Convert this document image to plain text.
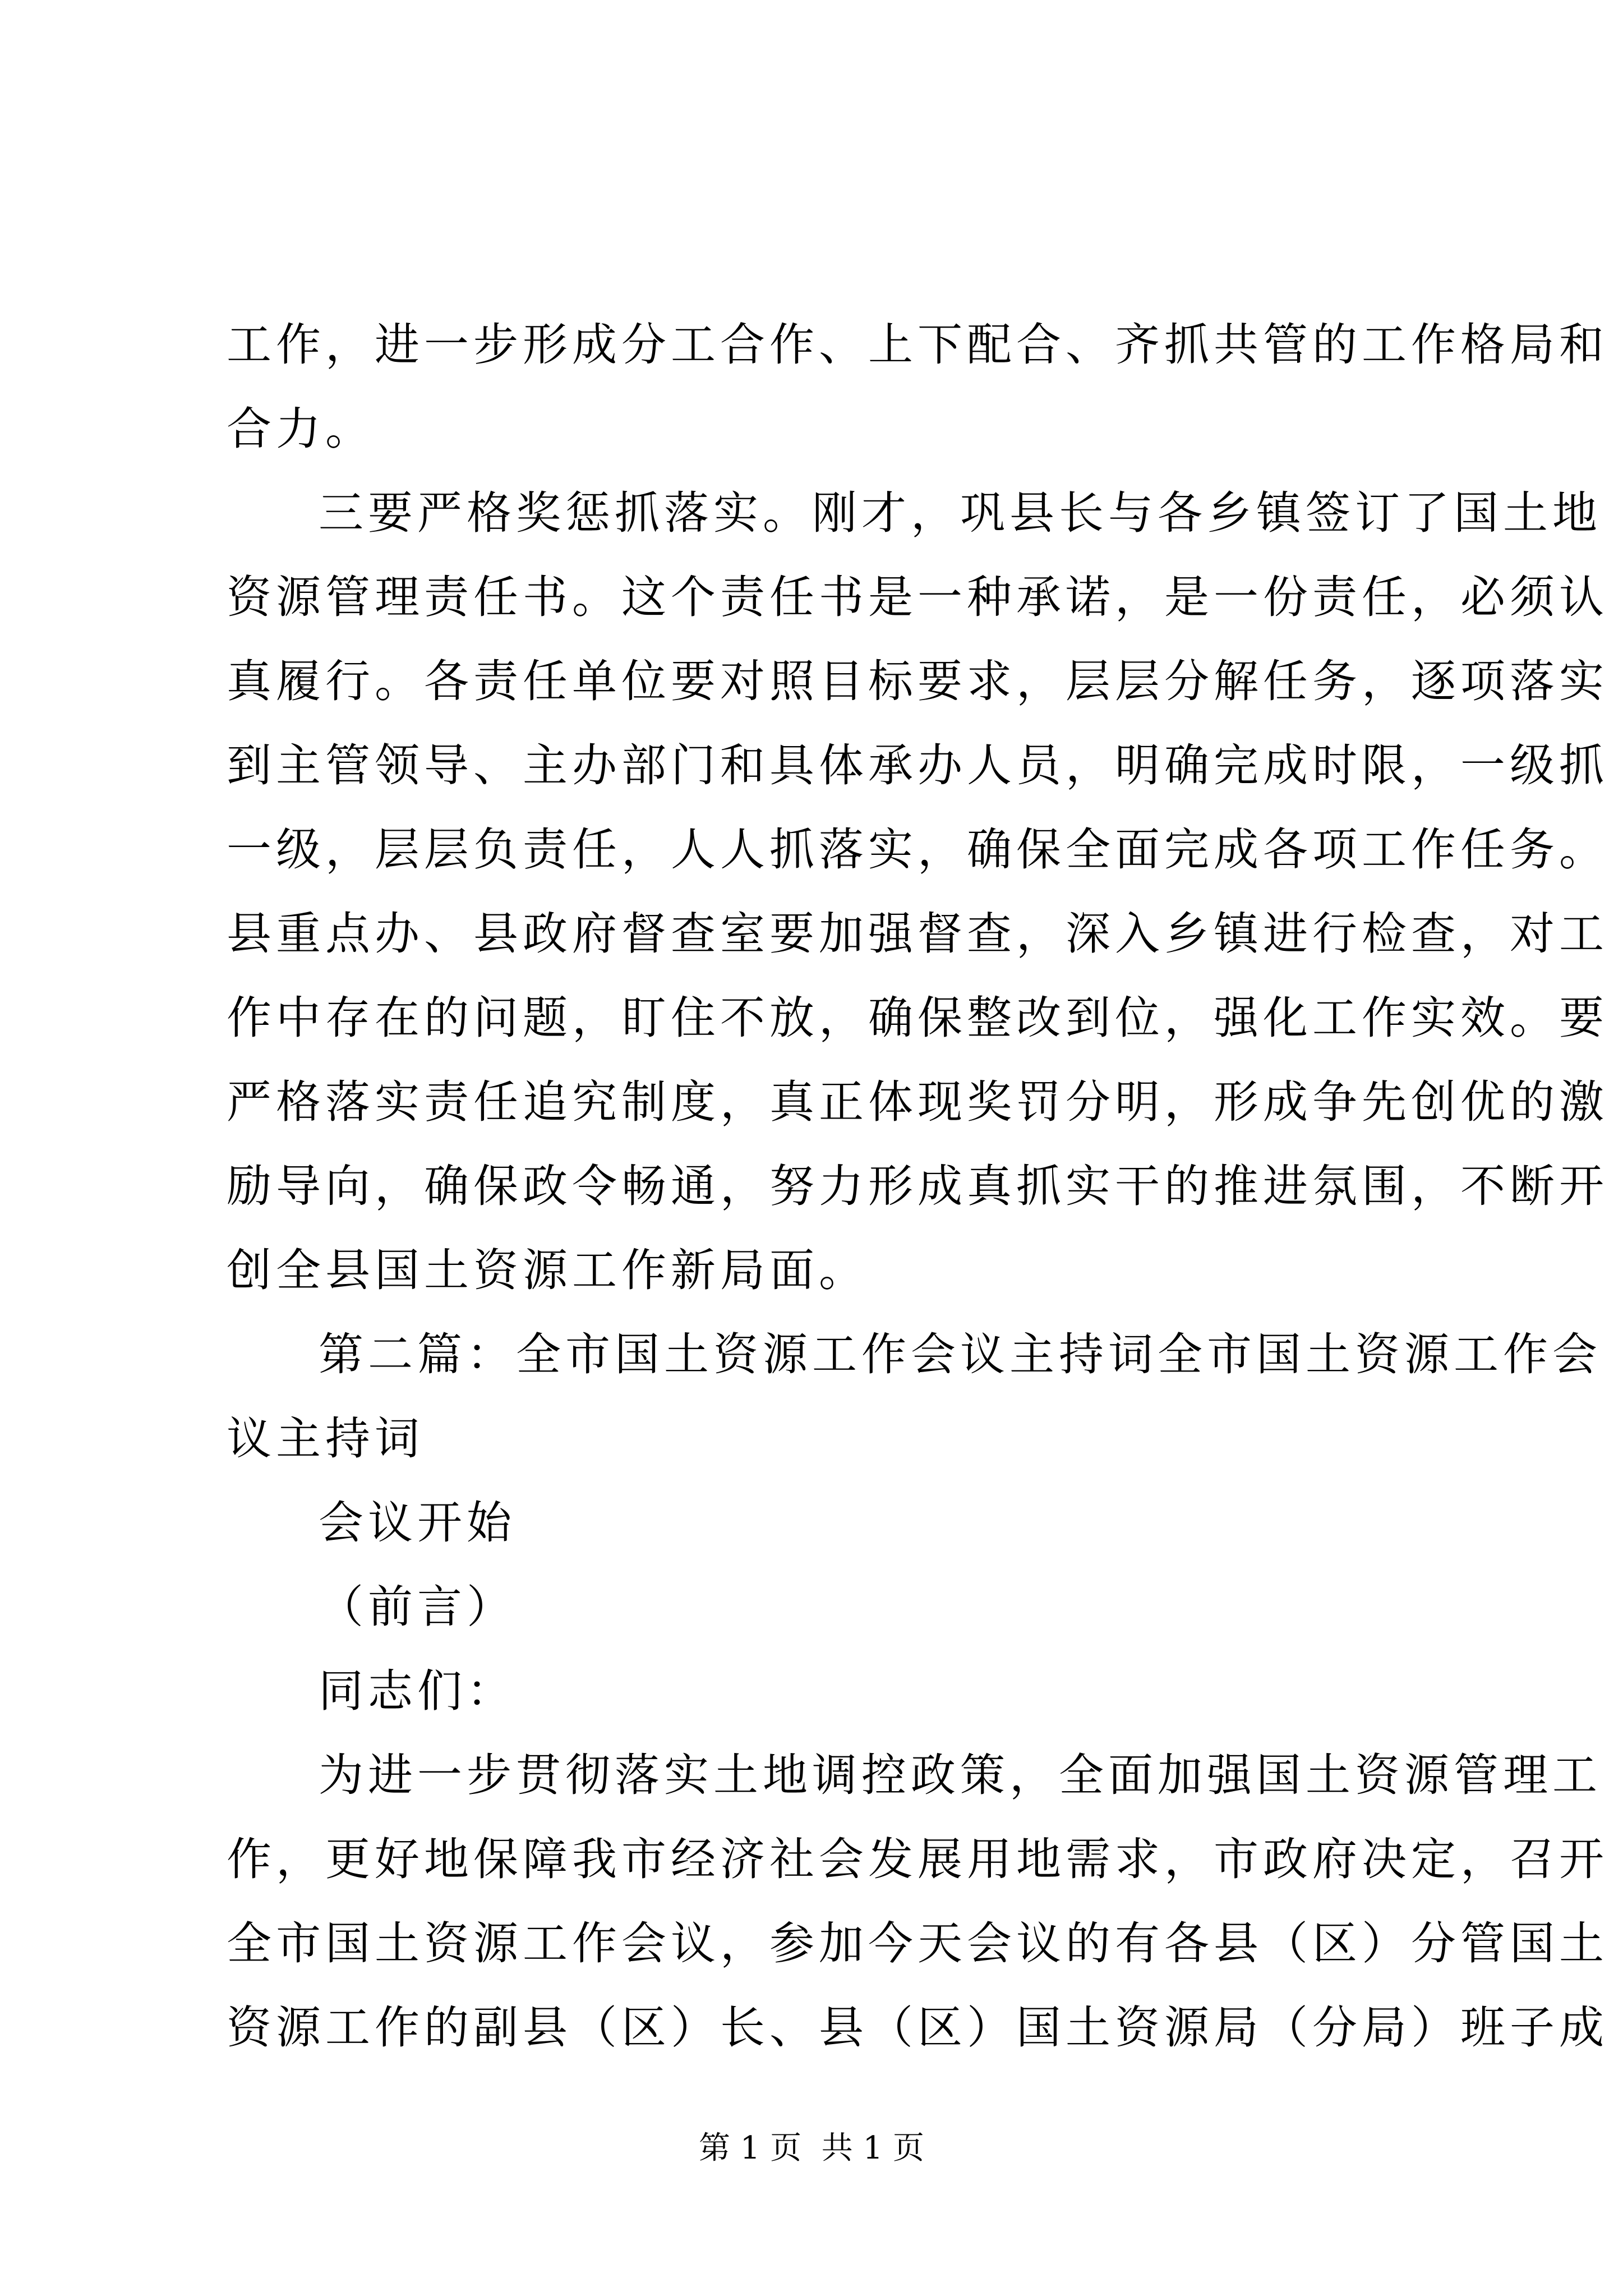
工作，进一步形成分工合作、上下配合、齐抓共管的工作格局和
合力。
三要严格奖惩抓落实。刚才，巩县长与各乡镇签订了国土地
资源管理责任书。这个责任书是一种承诺，是一份责任，必须认
真履行。各责任单位要对照目标要求，层层分解任务，逐项落实
到主管领导、主办部门和具体承办人员，明确完成时限，一级抓
一级，层层负责任，人人抓落实，确保全面完成各项工作任务。
县重点办、县政府督查室要加强督查，深入乡镇进行检查，对工
作中存在的问题，盯住不放，确保整改到位，强化工作实效。要
严格落实责任追究制度，真正体现奖罚分明，形成争先创优的激
励导向，确保政令畅通，努力形成真抓实干的推进氛围，不断开
创全县国土资源工作新局面。
第二篇：全市国土资源工作会议主持词全市国土资源工作会
议主持词
会议开始
（前言）
同志们：
为进一步贯彻落实土地调控政策，全面加强国土资源管理工
作，更好地保障我市经济社会发展用地需求，市政府决定，召开
全市国土资源工作会议，参加今天会议的有各县（区）分管国土
资源工作的副县（区）长、县（区）国土资源局（分局）班子成
第 1 页  共 1 页
